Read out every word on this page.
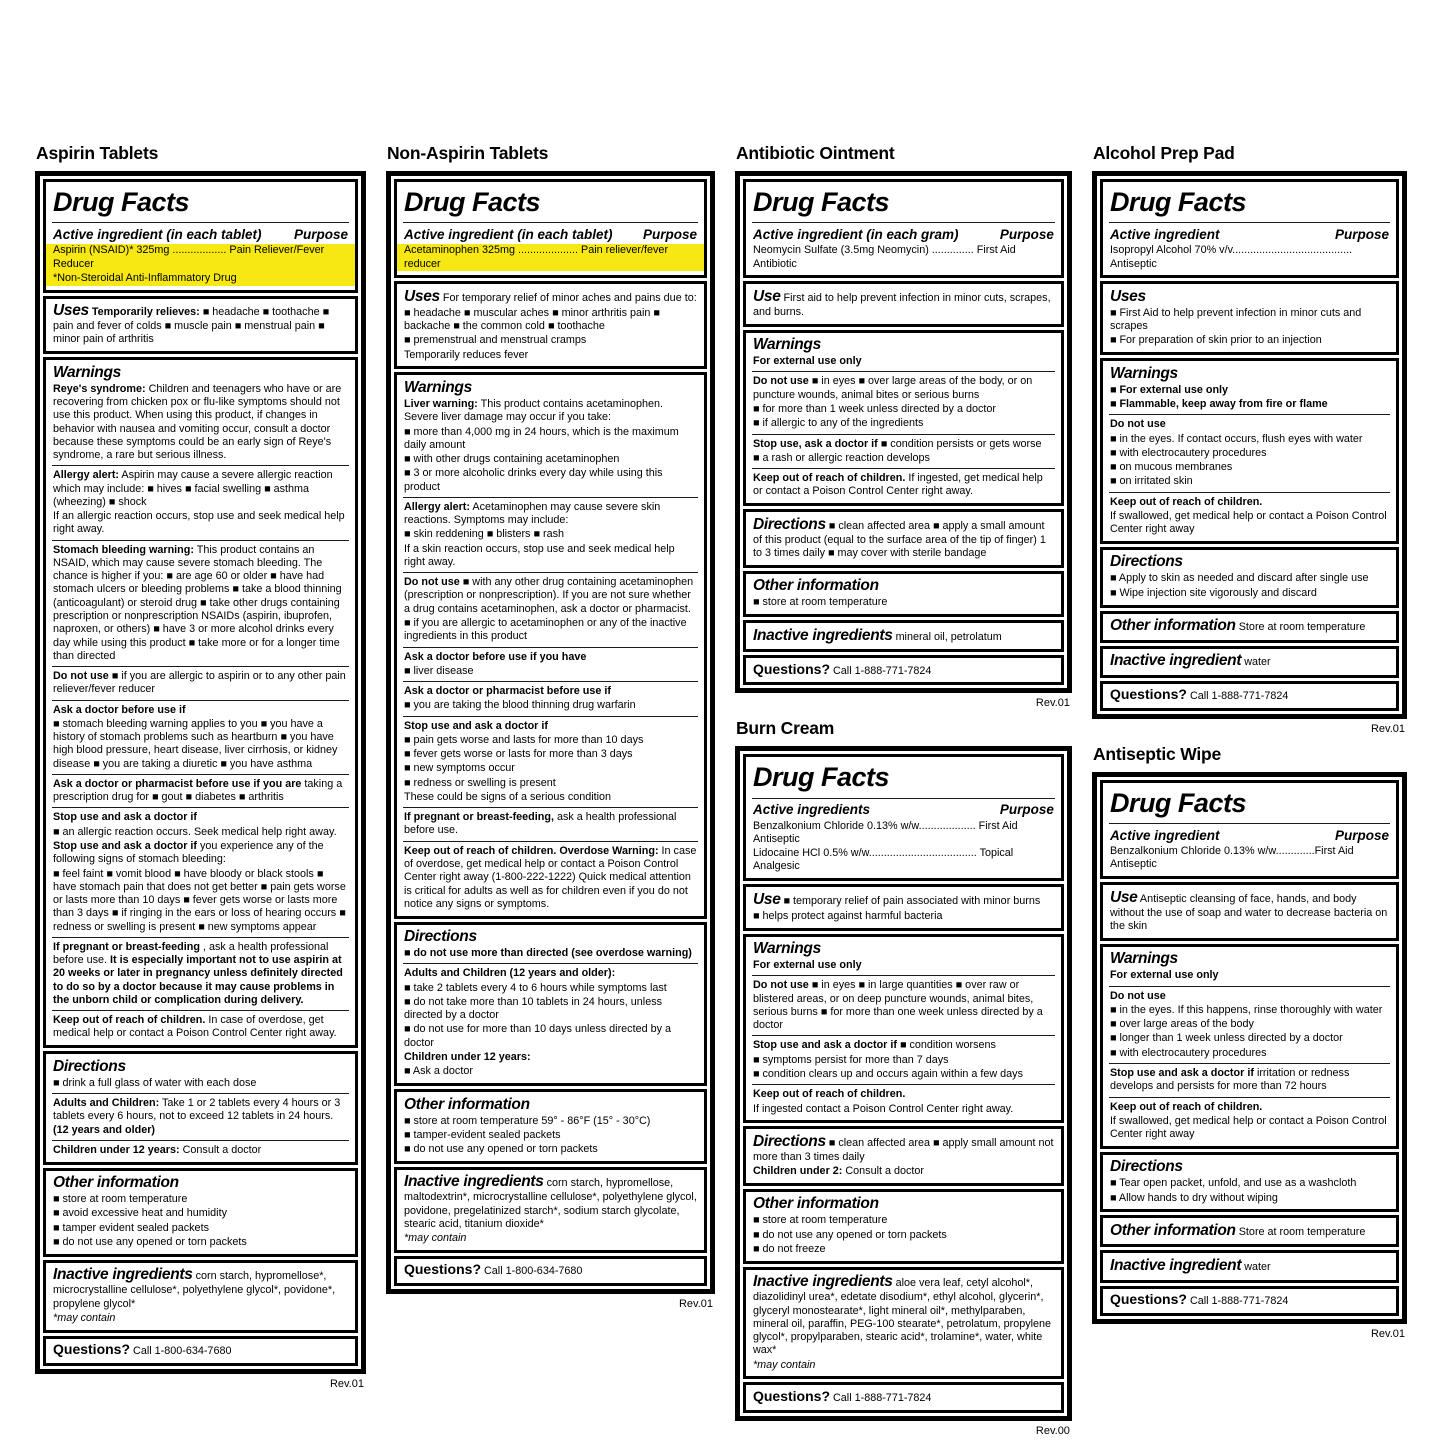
Aspirin Tablets
Drug Facts
Active ingredient (in each tablet) Purpose
Aspirin (NSAID)* 325mg .................. Pain Reliever/Fever Reducer
*Non-Steroidal Anti-Inflammatory Drug
Uses Temporarily relieves: ■ headache ■ toothache ■ pain and fever of colds ■ muscle pain ■ menstrual pain ■ minor pain of arthritis
Warnings
Reye's syndrome: Children and teenagers who have or are recovering from chicken pox or flu-like symptoms should not use this product. When using this product, if changes in behavior with nausea and vomiting occur, consult a doctor because these symptoms could be an early sign of Reye's syndrome, a rare but serious illness.
Allergy alert: Aspirin may cause a severe allergic reaction which may include: ■ hives ■ facial swelling ■ asthma (wheezing) ■ shock
If an allergic reaction occurs, stop use and seek medical help right away.
Stomach bleeding warning: This product contains an NSAID, which may cause severe stomach bleeding. The chance is higher if you: ■ are age 60 or older ■ have had stomach ulcers or bleeding problems ■ take a blood thinning (anticoagulant) or steroid drug ■ take other drugs containing prescription or nonprescription NSAIDs (aspirin, ibuprofen, naproxen, or others) ■ have 3 or more alcohol drinks every day while using this product ■ take more or for a longer time than directed
Do not use ■ if you are allergic to aspirin or to any other pain reliever/fever reducer
Ask a doctor before use if
■ stomach bleeding warning applies to you ■ you have a history of stomach problems such as heartburn ■ you have high blood pressure, heart disease, liver cirrhosis, or kidney disease ■ you are taking a diuretic ■ you have asthma
Ask a doctor or pharmacist before use if you are taking a prescription drug for ■ gout ■ diabetes ■ arthritis
Stop use and ask a doctor if
■ an allergic reaction occurs. Seek medical help right away.
Stop use and ask a doctor if you experience any of the following signs of stomach bleeding:
■ feel faint ■ vomit blood ■ have bloody or black stools ■ have stomach pain that does not get better ■ pain gets worse or lasts more than 10 days ■ fever gets worse or lasts more than 3 days ■ if ringing in the ears or loss of hearing occurs ■ redness or swelling is present ■ new symptoms appear
If pregnant or breast-feeding , ask a health professional before use. It is especially important not to use aspirin at 20 weeks or later in pregnancy unless definitely directed to do so by a doctor because it may cause problems in the unborn child or complication during delivery.
Keep out of reach of children. In case of overdose, get medical help or contact a Poison Control Center right away.
Directions
■ drink a full glass of water with each dose
Adults and Children: Take 1 or 2 tablets every 4 hours or 3 tablets every 6 hours, not to exceed 12 tablets in 24 hours. (12 years and older)
Children under 12 years: Consult a doctor
Other information
■ store at room temperature
■ avoid excessive heat and humidity
■ tamper evident sealed packets
■ do not use any opened or torn packets
Inactive ingredients corn starch, hypromellose*, microcrystalline cellulose*, polyethylene glycol*, povidone*, propylene glycol*
*may contain
Questions? Call 1-800-634-7680
Rev.01
Non-Aspirin Tablets
Drug Facts
Active ingredient (in each tablet) Purpose
Acetaminophen 325mg .................... Pain reliever/fever reducer
Uses For temporary relief of minor aches and pains due to:
■ headache ■ muscular aches ■ minor arthritis pain ■ backache ■ the common cold ■ toothache
■ premenstrual and menstrual cramps
Temporarily reduces fever
Warnings
Liver warning: This product contains acetaminophen. Severe liver damage may occur if you take:
■ more than 4,000 mg in 24 hours, which is the maximum daily amount
■ with other drugs containing acetaminophen
■ 3 or more alcoholic drinks every day while using this product
Allergy alert: Acetaminophen may cause severe skin reactions. Symptoms may include:
■ skin reddening ■ blisters ■ rash
If a skin reaction occurs, stop use and seek medical help right away.
Do not use ■ with any other drug containing acetaminophen (prescription or nonprescription). If you are not sure whether a drug contains acetaminophen, ask a doctor or pharmacist.
■ if you are allergic to acetaminophen or any of the inactive ingredients in this product
Ask a doctor before use if you have
■ liver disease
Ask a doctor or pharmacist before use if
■ you are taking the blood thinning drug warfarin
Stop use and ask a doctor if
■ pain gets worse and lasts for more than 10 days
■ fever gets worse or lasts for more than 3 days
■ new symptoms occur
■ redness or swelling is present
These could be signs of a serious condition
If pregnant or breast-feeding, ask a health professional before use.
Keep out of reach of children. Overdose Warning: In case of overdose, get medical help or contact a Poison Control Center right away (1-800-222-1222) Quick medical attention is critical for adults as well as for children even if you do not notice any signs or symptoms.
Directions
■ do not use more than directed (see overdose warning)
Adults and Children (12 years and older):
■ take 2 tablets every 4 to 6 hours while symptoms last
■ do not take more than 10 tablets in 24 hours, unless directed by a doctor
■ do not use for more than 10 days unless directed by a doctor
Children under 12 years:
■ Ask a doctor
Other information
■ store at room temperature 59° - 86°F (15° - 30°C)
■ tamper-evident sealed packets
■ do not use any opened or torn packets
Inactive ingredients corn starch, hypromellose, maltodextrin*, microcrystalline cellulose*, polyethylene glycol, povidone, pregelatinized starch*, sodium starch glycolate, stearic acid, titanium dioxide*
*may contain
Questions? Call 1-800-634-7680
Rev.01
Antibiotic Ointment
Drug Facts
Active ingredient (in each gram)	Purpose
Neomycin Sulfate (3.5mg Neomycin) .............. First Aid Antibiotic
Use First aid to help prevent infection in minor cuts, scrapes, and burns.
Warnings
For external use only
Do not use ■ in eyes ■ over large areas of the body, or on puncture wounds, animal bites or serious burns
■ for more than 1 week unless directed by a doctor
■ if allergic to any of the ingredients
Stop use, ask a doctor if ■ condition persists or gets worse
■ a rash or allergic reaction develops
Keep out of reach of children. If ingested, get medical help or contact a Poison Control Center right away.
Directions ■ clean affected area ■ apply a small amount of this product (equal to the surface area of the tip of finger) 1 to 3 times daily ■ may cover with sterile bandage
Other information
■ store at room temperature
Inactive ingredients mineral oil, petrolatum
Questions? Call 1-888-771-7824
Rev.01
Burn Cream
Drug Facts
Active ingredients	Purpose
Benzalkonium Chloride 0.13% w/w................... First Aid Antiseptic
Lidocaine HCl 0.5% w/w.................................... Topical Analgesic
Use ■ temporary relief of pain associated with minor burns
■ helps protect against harmful bacteria
Warnings
For external use only
Do not use ■ in eyes ■ in large quantities ■ over raw or blistered areas, or on deep puncture wounds, animal bites, serious burns ■ for more than one week unless directed by a doctor
Stop use and ask a doctor if ■ condition worsens
■ symptoms persist for more than 7 days
■ condition clears up and occurs again within a few days
Keep out of reach of children.
If ingested contact a Poison Control Center right away.
Directions ■ clean affected area ■ apply small amount not more than 3 times daily
Children under 2: Consult a doctor
Other information
■ store at room temperature
■ do not use any opened or torn packets
■ do not freeze
Inactive ingredients aloe vera leaf, cetyl alcohol*, diazolidinyl urea*, edetate disodium*, ethyl alcohol, glycerin*, glyceryl monostearate*, light mineral oil*, methylparaben, mineral oil, paraffin, PEG-100 stearate*, petrolatum, propylene glycol*, propylparaben, stearic acid*, trolamine*, water, white wax*
*may contain
Questions? Call 1-888-771-7824
Rev.00
Alcohol Prep Pad
Drug Facts
Active ingredient	Purpose
Isopropyl Alcohol 70% v/v........................................ Antiseptic
Uses
■ First Aid to help prevent infection in minor cuts and scrapes
■ For preparation of skin prior to an injection
Warnings
■ For external use only
■ Flammable, keep away from fire or flame
Do not use
■ in the eyes. If contact occurs, flush eyes with water
■ with electrocautery procedures
■ on mucous membranes
■ on irritated skin
Keep out of reach of children.
If swallowed, get medical help or contact a Poison Control Center right away
Directions
■ Apply to skin as needed and discard after single use
■ Wipe injection site vigorously and discard
Other information Store at room temperature
Inactive ingredient water
Questions? Call 1-888-771-7824
Rev.01
Antiseptic Wipe
Drug Facts
Active ingredient	Purpose
Benzalkonium Chloride 0.13% w/w.............First Aid Antiseptic
Use Antiseptic cleansing of face, hands, and body without the use of soap and water to decrease bacteria on the skin
Warnings
For external use only
Do not use
■ in the eyes. If this happens, rinse thoroughly with water
■ over large areas of the body
■ longer than 1 week unless directed by a doctor
■ with electrocautery procedures
Stop use and ask a doctor if irritation or redness develops and persists for more than 72 hours
Keep out of reach of children.
If swallowed, get medical help or contact a Poison Control Center right away
Directions
■ Tear open packet, unfold, and use as a washcloth
■ Allow hands to dry without wiping
Other information Store at room temperature
Inactive ingredient water
Questions? Call 1-888-771-7824
Rev.01
